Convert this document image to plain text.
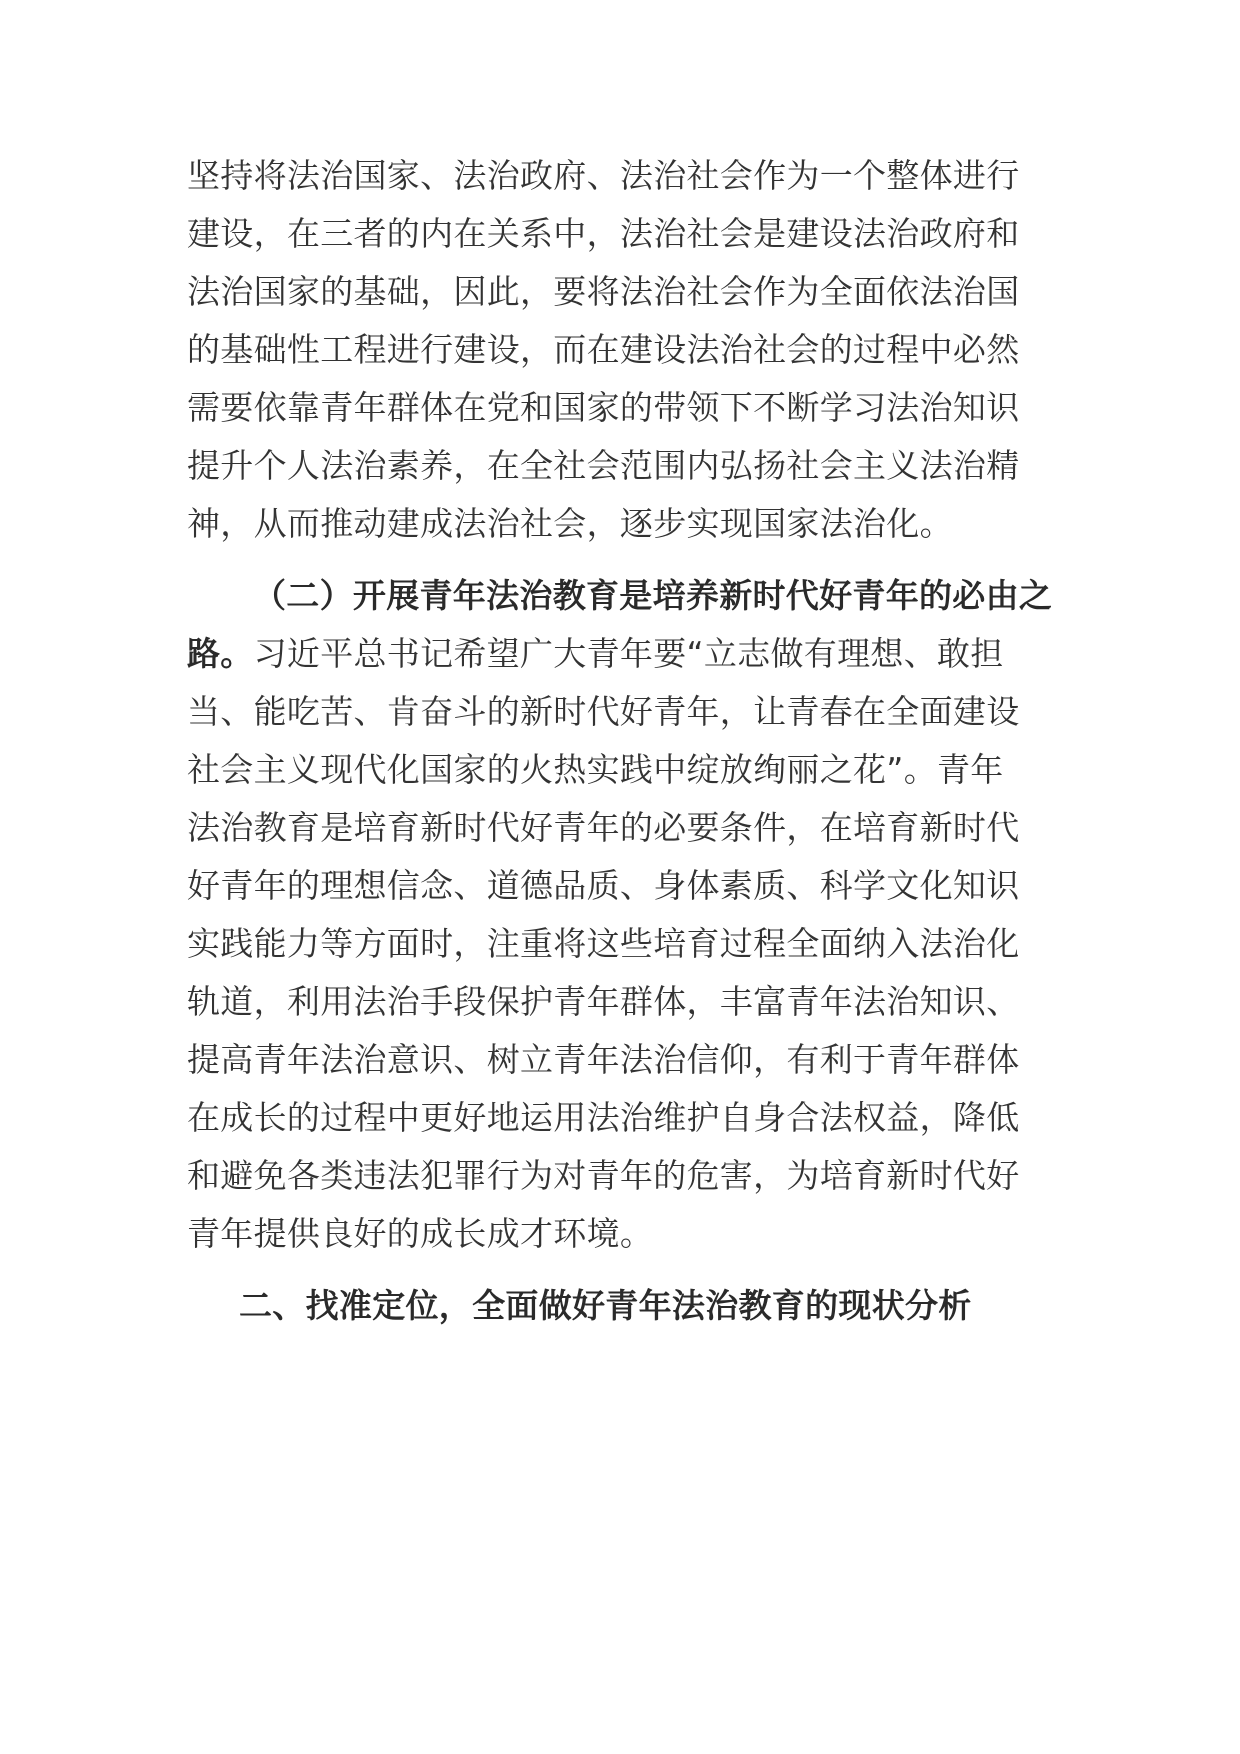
坚持将法治国家、法治政府、法治社会作为一个整体进行

建设，在三者的内在关系中，法治社会是建设法治政府和

法治国家的基础，因此，要将法治社会作为全面依法治国

的基础性工程进行建设，而在建设法治社会的过程中必然

需要依靠青年群体在党和国家的带领下不断学习法治知识

提升个人法治素养，在全社会范围内弘扬社会主义法治精

神，从而推动建成法治社会，逐步实现国家法治化。

（二）开展青年法治教育是培养新时代好青年的必由之

路。习近平总书记希望广大青年要“立志做有理想、敢担

当、能吃苦、肯奋斗的新时代好青年，让青春在全面建设

社会主义现代化国家的火热实践中绽放绚丽之花”。青年

法治教育是培育新时代好青年的必要条件，在培育新时代

好青年的理想信念、道德品质、身体素质、科学文化知识

实践能力等方面时，注重将这些培育过程全面纳入法治化

轨道，利用法治手段保护青年群体，丰富青年法治知识、

提高青年法治意识、树立青年法治信仰，有利于青年群体

在成长的过程中更好地运用法治维护自身合法权益，降低

和避免各类违法犯罪行为对青年的危害，为培育新时代好

青年提供良好的成长成才环境。

二、找准定位，全面做好青年法治教育的现状分析
